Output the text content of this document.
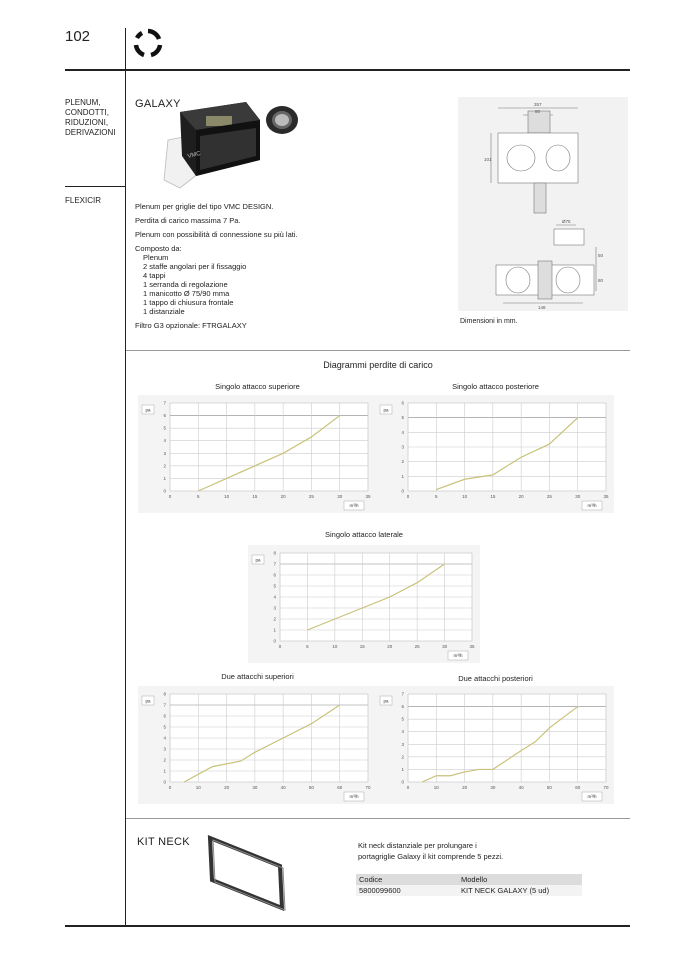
102
PLENUM,
CONDOTTI,
RIDUZIONI,
DERIVAZIONI
FLEXICIR
GALAXY
VMC

Plenum per griglie del tipo VMC DESIGN.

Perdita di carico massima 7 Pa.

Plenum con possibilità di connessione su più lati.

Composto da:

Plenum

2 staffe angolari per il fissaggio

4 tappi

1 serranda di regolazione

1 manicotto Ø 75/90 mma

1 tappo di chiusura frontale

1 distanziale

Filtro G3 opzionale: FTRGALAXY

357
80
101
Ø75
50
80
148
Dimensioni in mm.
Diagrammi perdite di carico
Singolo attacco superiore
0
1
2
3
4
5
6
7
0	5	10	15	20	25	30	35
pa
m³/h
Singolo attacco posteriore
0
1
2
3
4
5
6
0	5	10	15	20	25	30	35
pa
m³/h
Singolo attacco laterale
0
1
2
3
4
5
6
7
8
0	5	10	15	20	25	30	35
pa
m³/h
Due attacchi superiori
0
1
2
3
4
5
6
7
8
0	10	20	30	40	50	60	70
pa
m³/h
Due attacchi posteriori
0
1
2
3
4
5
6
7
0	10	20	30	40	50	60	70
pa
m³/h
KIT NECK	Kit neck distanziale per prolungare i
portagriglie Galaxy il kit comprende 5 pezzi.
Codice	Modello
5800099600	KIT NECK GALAXY (5 ud)
